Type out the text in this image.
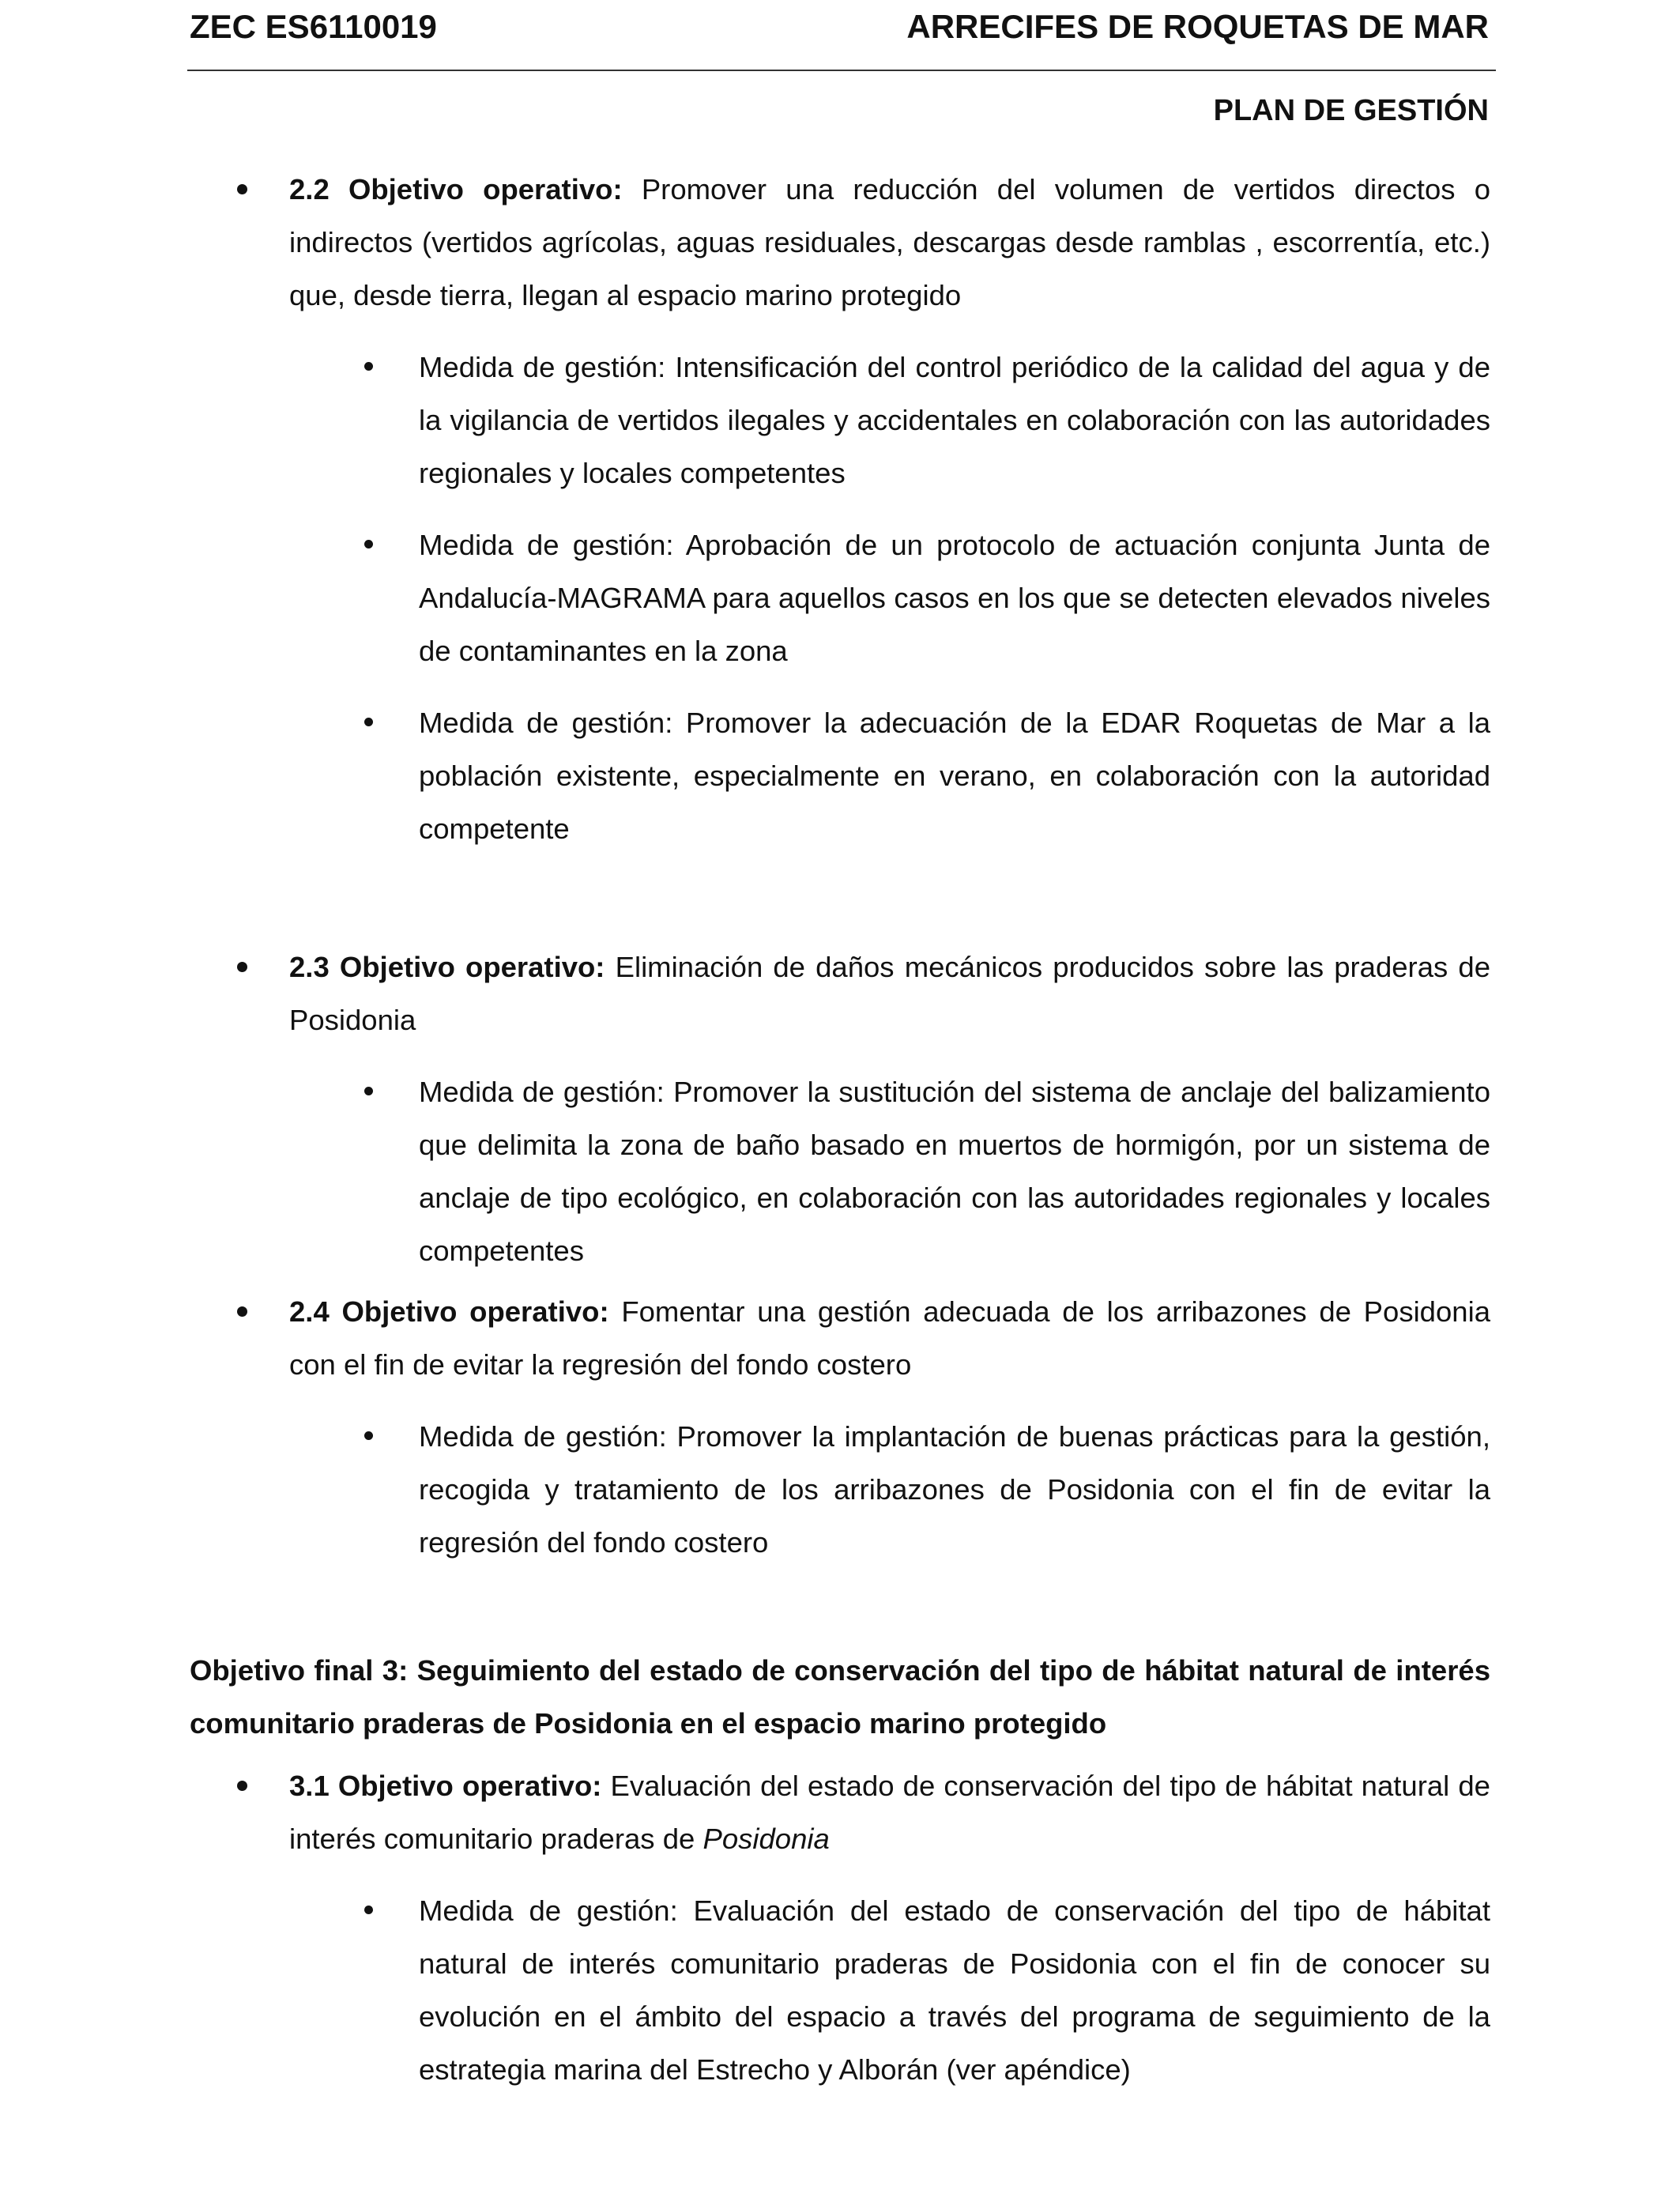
ZEC ES6110019	ARRECIFES DE ROQUETAS DE MAR
PLAN DE GESTIÓN
2.2 Objetivo operativo: Promover una reducción del volumen de vertidos directos o indirectos (vertidos agrícolas, aguas residuales, descargas desde ramblas , escorrentía, etc.) que, desde tierra, llegan al espacio marino protegido
Medida de gestión: Intensificación del control periódico de la calidad del agua y de la vigilancia de vertidos ilegales y accidentales en colaboración con las autoridades regionales y locales competentes
Medida de gestión: Aprobación de un protocolo de actuación conjunta Junta de Andalucía-MAGRAMA para aquellos casos en los que se detecten elevados niveles de contaminantes en la zona
Medida de gestión: Promover la adecuación de la EDAR Roquetas de Mar a la población existente, especialmente en verano, en colaboración con la autoridad competente
2.3 Objetivo operativo: Eliminación de daños mecánicos producidos sobre las praderas de Posidonia
Medida de gestión: Promover la sustitución del sistema de anclaje del balizamiento que delimita la zona de baño basado en muertos de hormigón, por un sistema de anclaje de tipo ecológico, en colaboración con las autoridades regionales y locales competentes
2.4 Objetivo operativo: Fomentar una gestión adecuada de los arribazones de Posidonia con el fin de evitar la regresión del fondo costero
Medida de gestión: Promover la implantación de buenas prácticas para la gestión, recogida y tratamiento de los arribazones de Posidonia con el fin de evitar la regresión del fondo costero
Objetivo final 3: Seguimiento del estado de conservación del tipo de hábitat natural de interés comunitario praderas de Posidonia en el espacio marino protegido
3.1 Objetivo operativo: Evaluación del estado de conservación del tipo de hábitat natural de interés comunitario praderas de Posidonia
Medida de gestión: Evaluación del estado de conservación del tipo de hábitat natural de interés comunitario praderas de Posidonia con el fin de conocer su evolución en el ámbito del espacio a través del programa de seguimiento de la estrategia marina del Estrecho y Alborán (ver apéndice)
